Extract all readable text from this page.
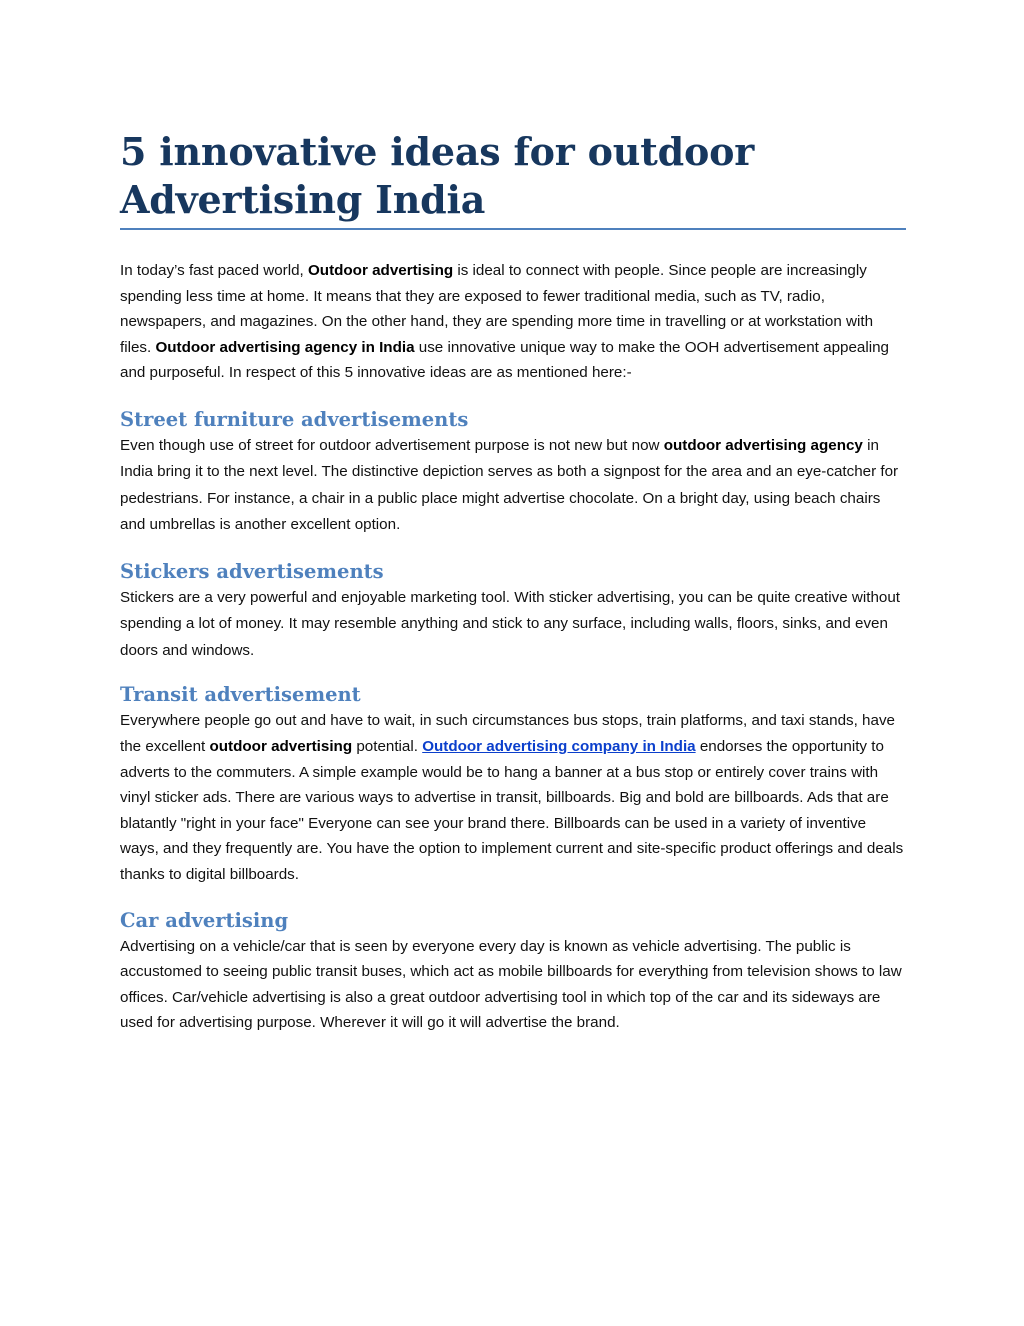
5 innovative ideas for outdoor Advertising India

In today’s fast paced world, Outdoor advertising is ideal to connect with people. Since people are increasingly spending less time at home. It means that they are exposed to fewer traditional media, such as TV, radio, newspapers, and magazines. On the other hand, they are spending more time in travelling or at workstation with files. Outdoor advertising agency in India use innovative unique way to make the OOH advertisement appealing and purposeful. In respect of this 5 innovative ideas are as mentioned here:-

Street furniture advertisements

Even though use of street for outdoor advertisement purpose is not new but now outdoor advertising agency in India bring it to the next level. The distinctive depiction serves as both a signpost for the area and an eye-catcher for pedestrians. For instance, a chair in a public place might advertise chocolate. On a bright day, using beach chairs and umbrellas is another excellent option.

Stickers advertisements

Stickers are a very powerful and enjoyable marketing tool. With sticker advertising, you can be quite creative without spending a lot of money. It may resemble anything and stick to any surface, including walls, floors, sinks, and even doors and windows.

Transit advertisement

Everywhere people go out and have to wait, in such circumstances bus stops, train platforms, and taxi stands, have the excellent outdoor advertising potential. Outdoor advertising company in India endorses the opportunity to adverts to the commuters. A simple example would be to hang a banner at a bus stop or entirely cover trains with vinyl sticker ads. There are various ways to advertise in transit, billboards. Big and bold are billboards. Ads that are blatantly "right in your face" Everyone can see your brand there. Billboards can be used in a variety of inventive ways, and they frequently are. You have the option to implement current and site-specific product offerings and deals thanks to digital billboards.

Car advertising

Advertising on a vehicle/car that is seen by everyone every day is known as vehicle advertising. The public is accustomed to seeing public transit buses, which act as mobile billboards for everything from television shows to law offices. Car/vehicle advertising is also a great outdoor advertising tool in which top of the car and its sideways are used for advertising purpose. Wherever it will go it will advertise the brand.
